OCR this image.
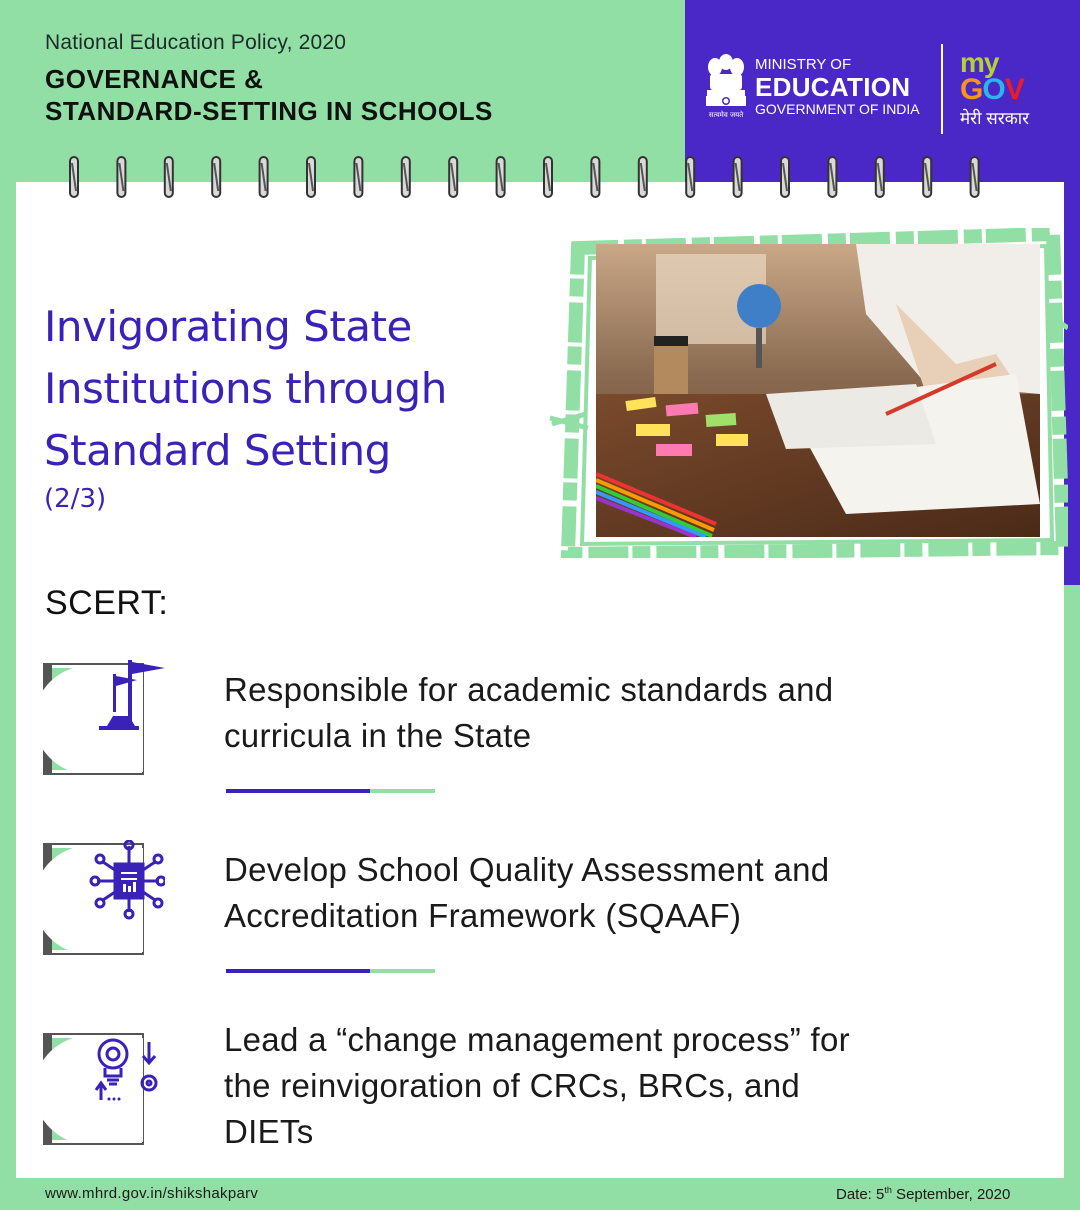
National Education Policy, 2020
GOVERNANCE &
STANDARD-SETTING IN SCHOOLS	सत्यमेव जयते
MINISTRY OF
EDUCATION
GOVERNMENT OF INDIA
my
GOV
मेरी सरकार
Invigorating State
Institutions through
Standard Setting
(2/3)
SCERT:
Responsible for academic standards and
curricula in the State
Develop School Quality Assessment and
Accreditation Framework (SQAAF)
Lead a “change management process” for
the reinvigoration of CRCs, BRCs, and
DIETs
www.mhrd.gov.in/shikshakparv	Date: 5th September, 2020
